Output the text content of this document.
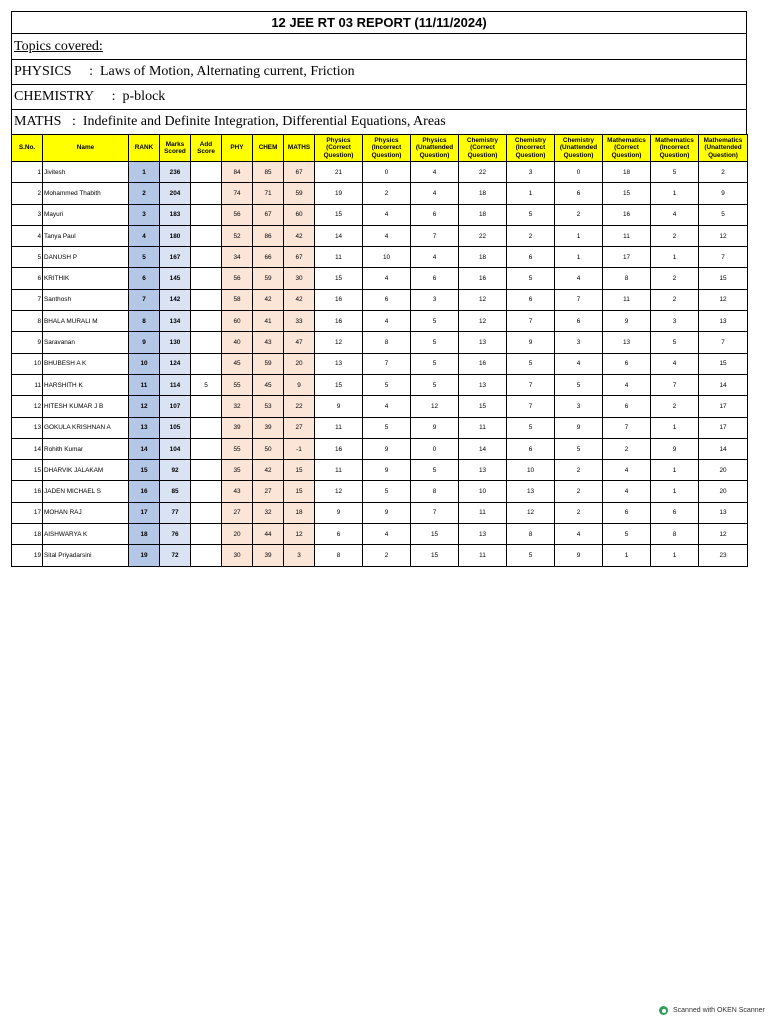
12 JEE RT 03 REPORT (11/11/2024)
Topics covered:
PHYSICS : Laws of Motion, Alternating current, Friction
CHEMISTRY : p-block
MATHS : Indefinite and Definite Integration, Differential Equations, Areas
S.No.	Name	RANK	Marks Scored	Add Score	PHY	CHEM	MATHS	Physics (Correct Question)	Physics (Incorrect Question)	Physics (Unattended Question)	Chemistry (Correct Question)	Chemistry (Incorrect Question)	Chemistry (Unattended Question)	Mathematics (Correct Question)	Mathematics (Incorrect Question)	Mathematics (Unattended Question)
1	Jivitesh	1	236		84	85	67	21	0	4	22	3	0	18	5	2
2	Mohammed Thabith	2	204		74	71	59	19	2	4	18	1	6	15	1	9
3	Mayuri	3	183		56	67	60	15	4	6	18	5	2	16	4	5
4	Tanya Paul	4	180		52	86	42	14	4	7	22	2	1	11	2	12
5	DANUSH P	5	167		34	66	67	11	10	4	18	6	1	17	1	7
6	KRITHIK	6	145		56	59	30	15	4	6	16	5	4	8	2	15
7	Santhosh	7	142		58	42	42	16	6	3	12	6	7	11	2	12
8	BHALA MURALI M	8	134		60	41	33	16	4	5	12	7	6	9	3	13
9	Saravanan	9	130		40	43	47	12	8	5	13	9	3	13	5	7
10	BHUBESH A K	10	124		45	59	20	13	7	5	16	5	4	6	4	15
11	HARSHITH K	11	114	5	55	45	9	15	5	5	13	7	5	4	7	14
12	HITESH KUMAR J B	12	107		32	53	22	9	4	12	15	7	3	6	2	17
13	GOKULA KRISHNAN A	13	105		39	39	27	11	5	9	11	5	9	7	1	17
14	Rohith Kumar	14	104		55	50	-1	16	9	0	14	6	5	2	9	14
15	DHARVIK JALAKAM	15	92		35	42	15	11	9	5	13	10	2	4	1	20
16	JADEN MICHAEL S	16	85		43	27	15	12	5	8	10	13	2	4	1	20
17	MOHAN RAJ	17	77		27	32	18	9	9	7	11	12	2	6	6	13
18	AISHWARYA K	18	76		20	44	12	6	4	15	13	8	4	5	8	12
19	Sital Priyadarsini	19	72		30	39	3	8	2	15	11	5	9	1	1	23
Scanned with OKEN Scanner
